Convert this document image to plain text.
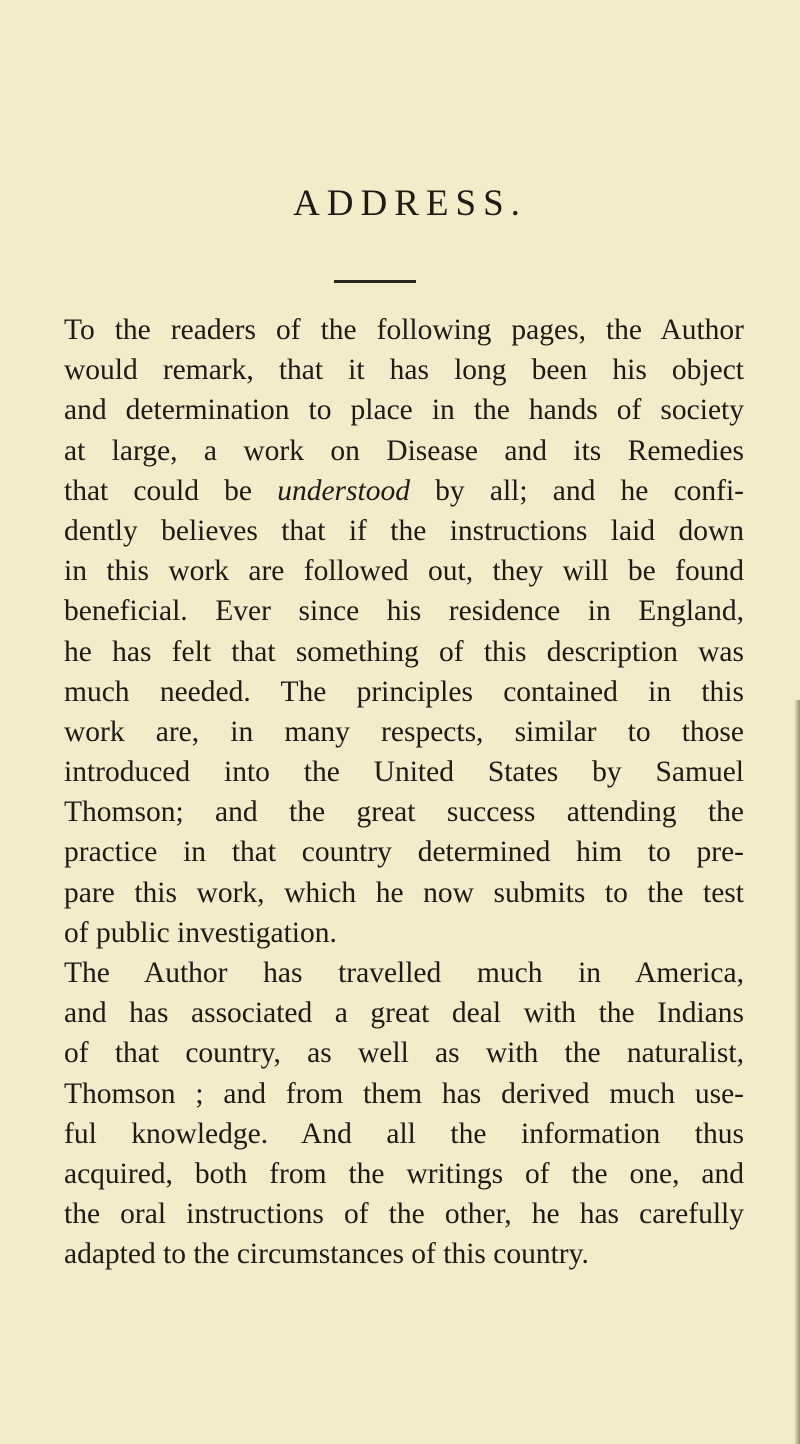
ADDRESS.
To the readers of the following pages, the Author
would remark, that it has long been his object
and determination to place in the hands of society
at large, a work on Disease and its Remedies
that could be understood by all; and he confi-
dently believes that if the instructions laid down
in this work are followed out, they will be found
beneficial. Ever since his residence in England,
he has felt that something of this description was
much needed. The principles contained in this
work are, in many respects, similar to those
introduced into the United States by Samuel
Thomson; and the great success attending the
practice in that country determined him to pre-
pare this work, which he now submits to the test
of public investigation.
The Author has travelled much in America,
and has associated a great deal with the Indians
of that country, as well as with the naturalist,
Thomson ; and from them has derived much use-
ful knowledge. And all the information thus
acquired, both from the writings of the one, and
the oral instructions of the other, he has carefully
adapted to the circumstances of this country.
